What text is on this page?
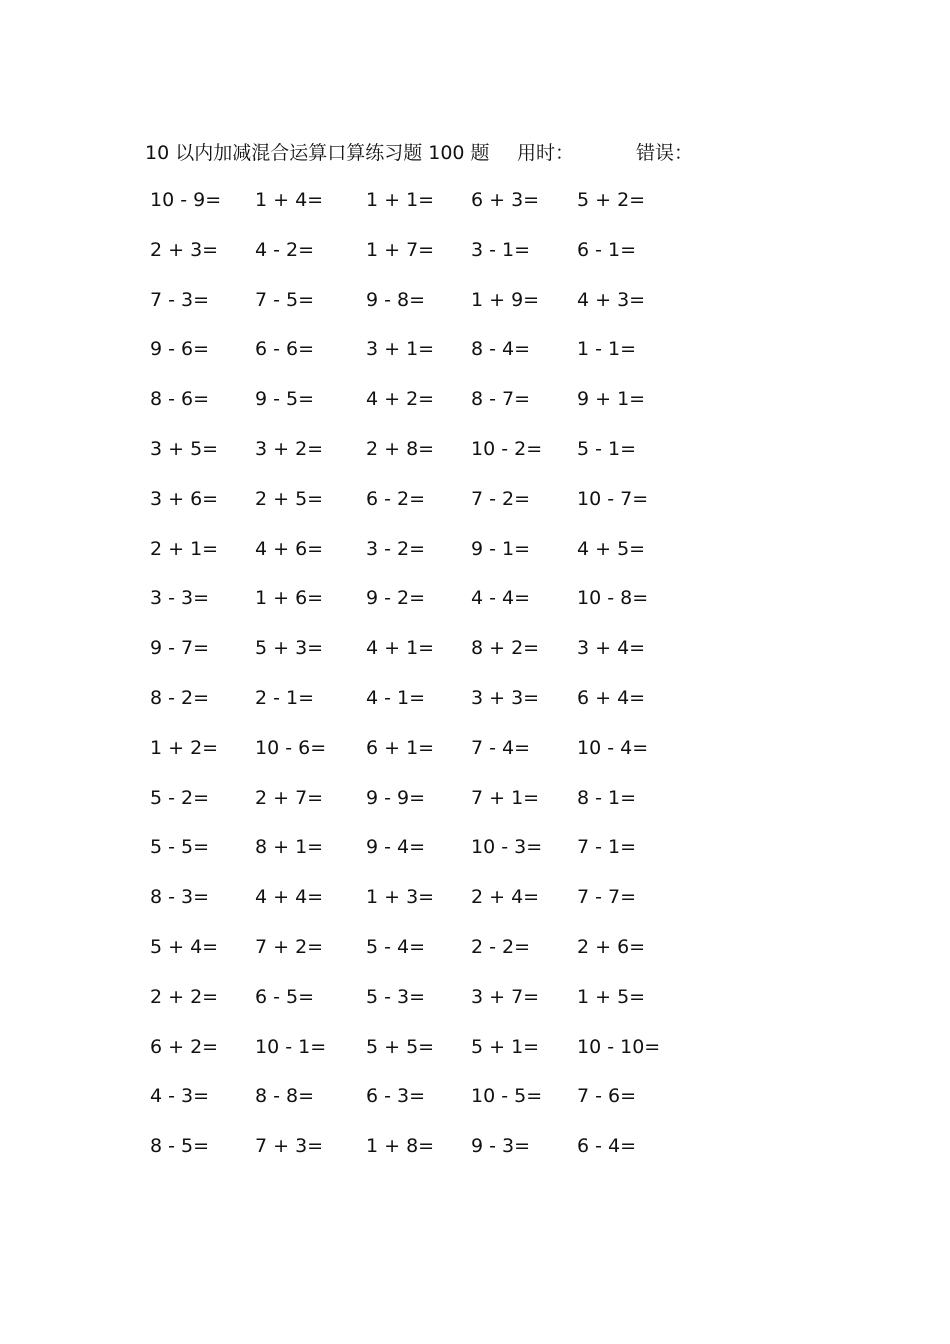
10 以内加减混合运算口算练习题 100 题 用时：	错误：
10 - 9= 1 + 4= 1 + 1= 6 + 3= 5 + 2=
2 + 3= 4 - 2=	1 + 7= 3 - 1= 6 - 1=
7 - 3= 7 - 5=	9 - 8= 1 + 9= 4 + 3=
9 - 6= 6 - 6=	3 + 1= 8 - 4= 1 - 1=
8 - 6= 9 - 5=	4 + 2= 8 - 7= 9 + 1=
3 + 5= 3 + 2= 2 + 8= 10 - 2= 5 - 1=
3 + 6= 2 + 5= 6 - 2= 7 - 2= 10 - 7=
2 + 1= 4 + 6= 3 - 2= 9 - 1= 4 + 5=
3 - 3= 1 + 6= 9 - 2= 4 - 4= 10 - 8=
9 - 7= 5 + 3= 4 + 1= 8 + 2= 3 + 4=
8 - 2= 2 - 1=	4 - 1= 3 + 3= 6 + 4=
1 + 2= 10 - 6= 6 + 1= 7 - 4= 10 - 4=
5 - 2= 2 + 7= 9 - 9= 7 + 1= 8 - 1=
5 - 5= 8 + 1= 9 - 4= 10 - 3= 7 - 1=
8 - 3= 4 + 4= 1 + 3= 2 + 4= 7 - 7=
5 + 4= 7 + 2= 5 - 4= 2 - 2= 2 + 6=
2 + 2= 6 - 5=	5 - 3= 3 + 7= 1 + 5=
6 + 2= 10 - 1= 5 + 5= 5 + 1= 10 - 10=
4 - 3= 8 - 8=	6 - 3= 10 - 5= 7 - 6=
8 - 5= 7 + 3= 1 + 8= 9 - 3= 6 - 4=
